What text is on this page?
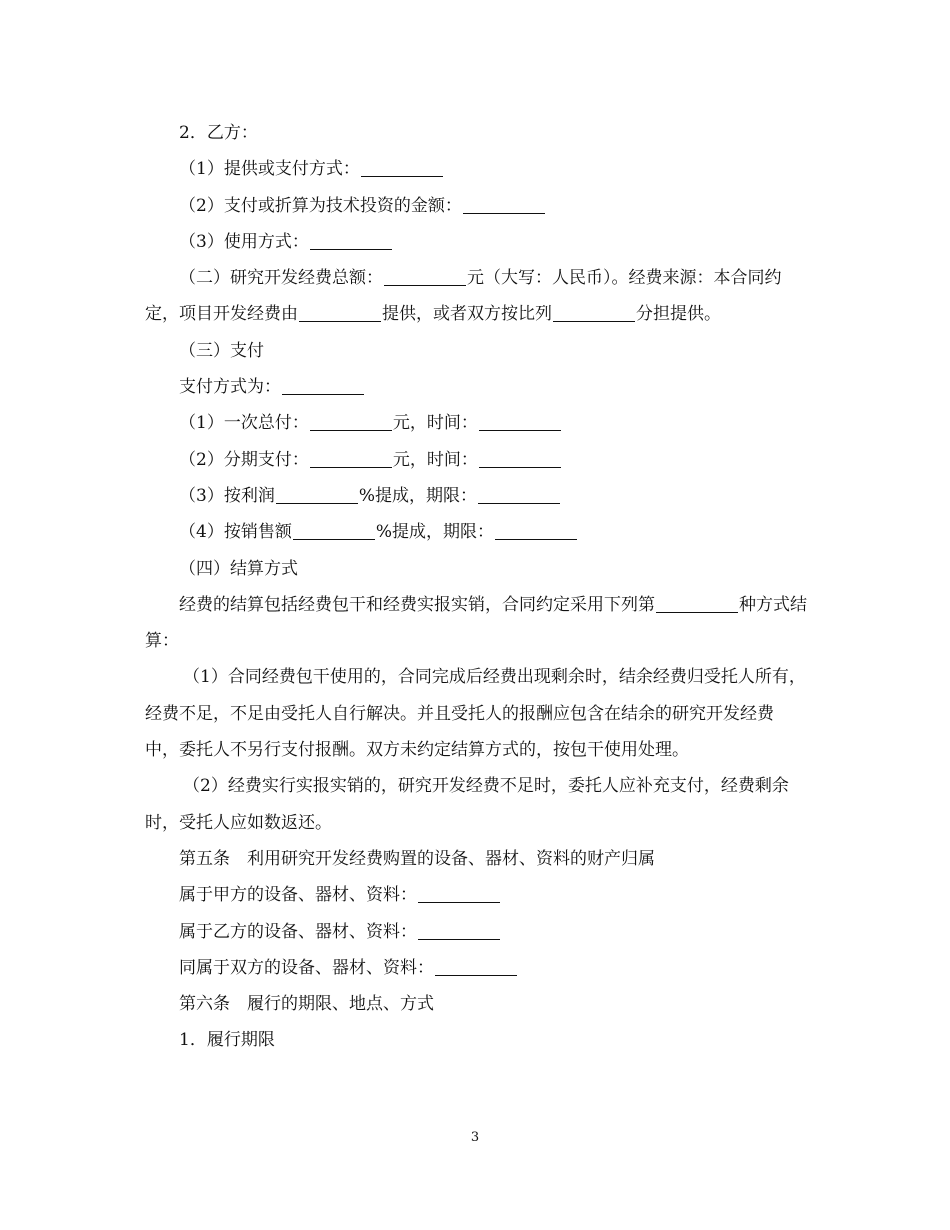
2．乙方：

（1）提供或支付方式：

（2）支付或折算为技术投资的金额：

（3）使用方式：

（二）研究开发经费总额：	元（大写：人民币）。经费来源：本合同约定，项目开发经费由	提供，或者双方按比列	分担提供。

（三）支付

支付方式为：

（1）一次总付：	元，时间：

（2）分期支付：	元，时间：

（3）按利润	%提成，期限：

（4）按销售额	%提成，期限：

（四）结算方式

经费的结算包括经费包干和经费实报实销，合同约定采用下列第	种方式结算：

（1）合同经费包干使用的，合同完成后经费出现剩余时，结余经费归受托人所有，经费不足，不足由受托人自行解决。并且受托人的报酬应包含在结余的研究开发经费中，委托人不另行支付报酬。双方未约定结算方式的，按包干使用处理。

（2）经费实行实报实销的，研究开发经费不足时，委托人应补充支付，经费剩余时，受托人应如数返还。

第五条　利用研究开发经费购置的设备、器材、资料的财产归属

属于甲方的设备、器材、资料：

属于乙方的设备、器材、资料：

同属于双方的设备、器材、资料：

第六条　履行的期限、地点、方式

1．履行期限

3
